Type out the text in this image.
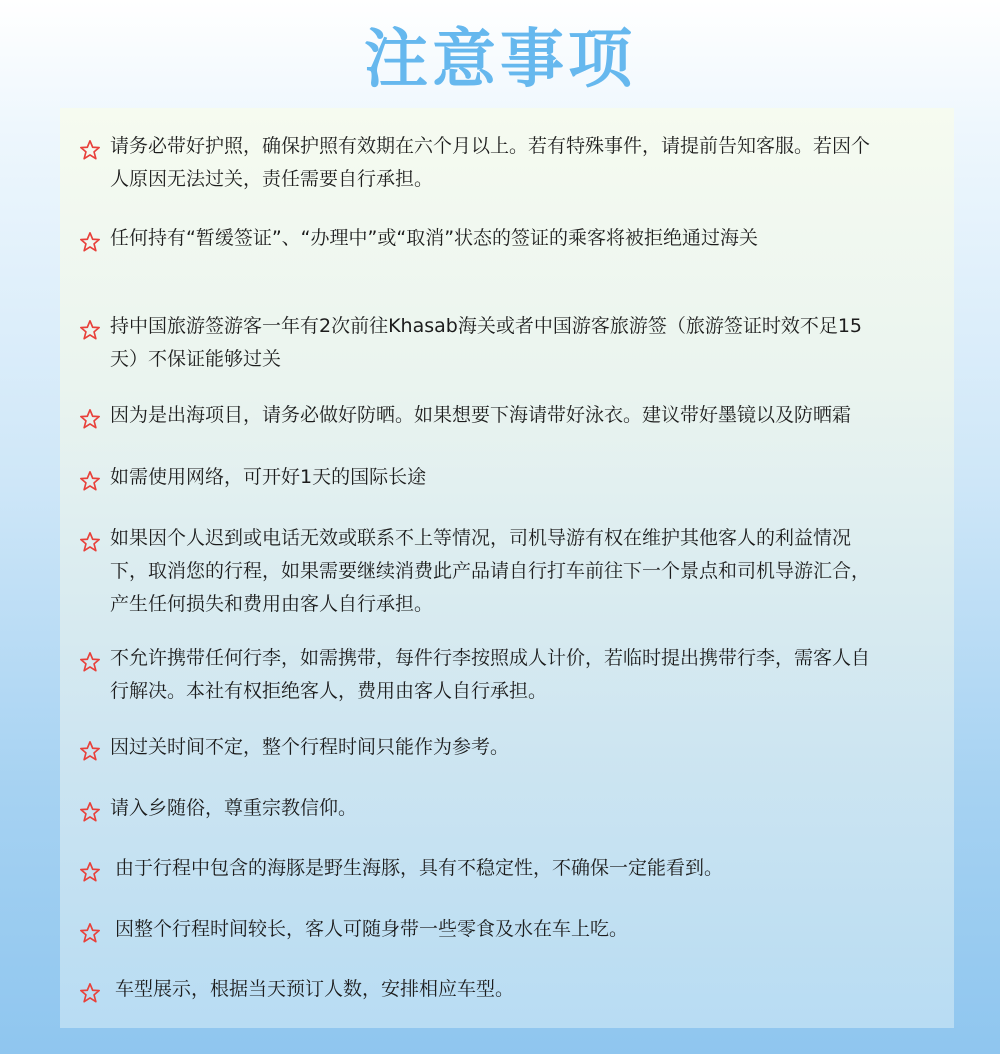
注意事项

请务必带好护照，确保护照有效期在六个月以上。若有特殊事件，请提前告知客服。若因个 人原因无法过关，责任需要自行承担。

任何持有“暂缓签证”、“办理中”或“取消”状态的签证的乘客将被拒绝通过海关

持中国旅游签游客一年有2次前往Khasab海关或者中国游客旅游签（旅游签证时效不足15天）不保证能够过关

因为是出海项目，请务必做好防晒。如果想要下海请带好泳衣。建议带好墨镜以及防晒霜

如需使用网络，可开好1天的国际长途

如果因个人迟到或电话无效或联系不上等情况，司机导游有权在维护其他客人的利益情况下，取消您的行程，如果需要继续消费此产品请自行打车前往下一个景点和司机导游汇合，产生任何损失和费用由客人自行承担。

不允许携带任何行李，如需携带，每件行李按照成人计价，若临时提出携带行李，需客人自行解决。本社有权拒绝客人，费用由客人自行承担。

因过关时间不定，整个行程时间只能作为参考。

请入乡随俗，尊重宗教信仰。

由于行程中包含的海豚是野生海豚，具有不稳定性，不确保一定能看到。

因整个行程时间较长，客人可随身带一些零食及水在车上吃。

车型展示，根据当天预订人数，安排相应车型。
